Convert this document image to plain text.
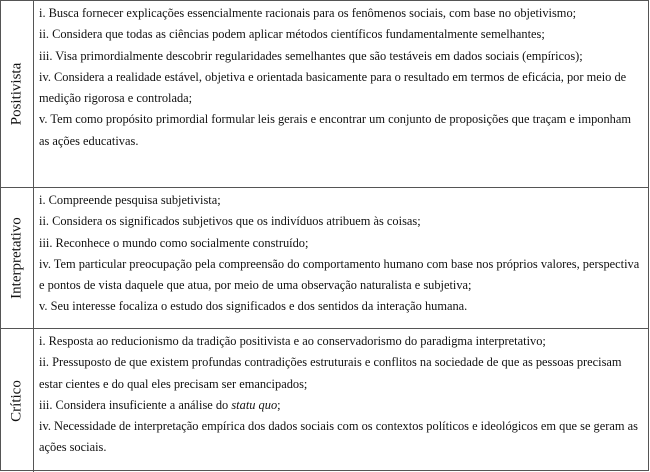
Positivista

i. Busca fornecer explicações essencialmente racionais para os fenômenos sociais, com base no objetivismo;

ii. Considera que todas as ciências podem aplicar métodos científicos fundamentalmente semelhantes;

iii. Visa primordialmente descobrir regularidades semelhantes que são testáveis em dados sociais (empíricos);

iv. Considera a realidade estável, objetiva e orientada basicamente para o resultado em termos de eficácia, por meio de medição rigorosa e controlada;

v. Tem como propósito primordial formular leis gerais e encontrar um conjunto de proposições que traçam e imponham as ações educativas.

Interpretativo

i. Compreende pesquisa subjetivista;

ii. Considera os significados subjetivos que os indivíduos atribuem às coisas;

iii. Reconhece o mundo como socialmente construído;

iv. Tem particular preocupação pela compreensão do comportamento humano com base nos próprios valores, perspectiva e pontos de vista daquele que atua, por meio de uma observação naturalista e subjetiva;

v. Seu interesse focaliza o estudo dos significados e dos sentidos da interação humana.

Crítico

i. Resposta ao reducionismo da tradição positivista e ao conservadorismo do paradigma interpretativo;

ii. Pressuposto de que existem profundas contradições estruturais e conflitos na sociedade de que as pessoas precisam estar cientes e do qual eles precisam ser emancipados;

iii. Considera insuficiente a análise do statu quo;

iv. Necessidade de interpretação empírica dos dados sociais com os contextos políticos e ideológicos em que se geram as ações sociais.
